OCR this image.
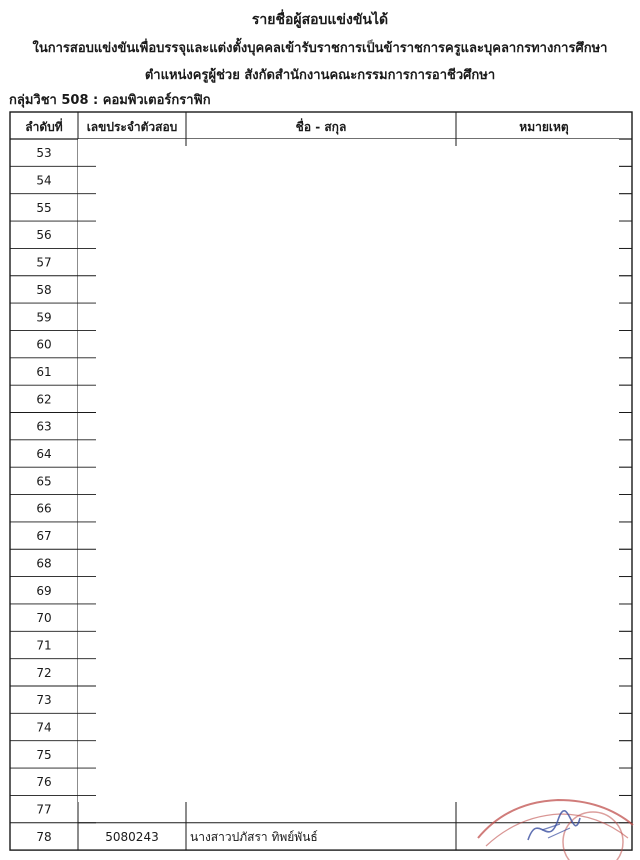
รายชื่อผู้สอบแข่งขันได้
ในการสอบแข่งขันเพื่อบรรจุและแต่งตั้งบุคคลเข้ารับราชการเป็นข้าราชการครูและบุคลากรทางการศึกษา
ตำแหน่งครูผู้ช่วย สังกัดสำนักงานคณะกรรมการการอาชีวศึกษา
กลุ่มวิชา 508 : คอมพิวเตอร์กราฟิก
ลำดับที่ เลขประจำตัวสอบ	ชื่อ - สกุล	หมายเหตุ
53
54
55
56
57
58
59
60
61
62
63
64
65
66
67
68
69
70
71
72
73
74
75
76
77
78	5080243	นางสาวปภัสรา ทิพย์พันธ์
